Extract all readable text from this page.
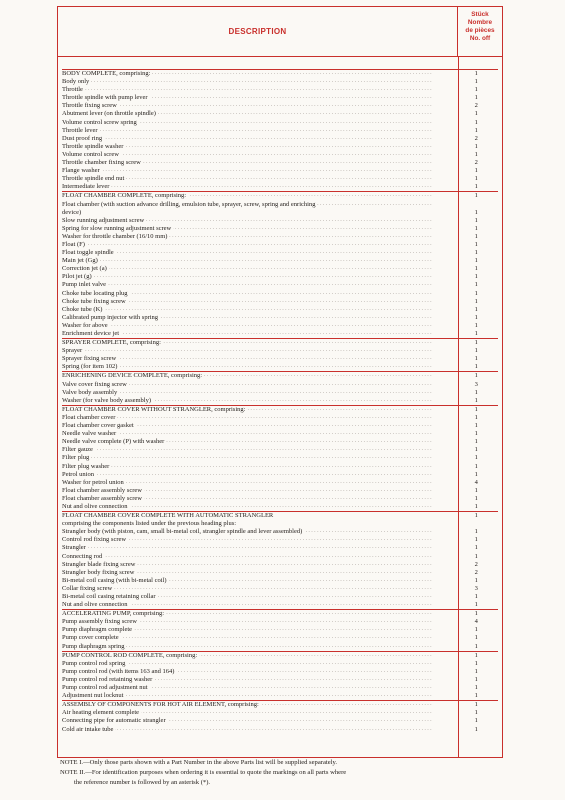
DESCRIPTION
Stück
Nombre
de pièces
No. off
BODY COMPLETE, comprising: . . .	1
Body only . . .	1
Throttle . . .	1
Throttle spindle with pump lever . . .	1
Throttle fixing screw . . .	2
Abutment lever (on throttle spindle) . . .	1
Volume control screw spring . . .	1
Throttle lever . . .	1
Dust proof ring . . .	2
Throttle spindle washer . . .	1
Volume control screw . . .	1
Throttle chamber fixing screw . . .	2
Flange washer . . .	1
Throttle spindle end nut . . .	1
Intermediate lever . . .	1
FLOAT CHAMBER COMPLETE, comprising: . . .	1
Float chamber (with suction advance drilling, emulsion tube, sprayer, screw, spring and enriching . . .
device)	1
Slow running adjustment screw . . .	1
Spring for slow running adjustment screw . . .	1
Washer for throttle chamber (16/10 mm) . . .	1
Float (F) . . .	1
Float toggle spindle . . .	1
Main jet (Gg) . . .	1
Correction jet (a) . . .	1
Pilot jet (g) . . .	1
Pump inlet valve . . .	1
Choke tube locating plug . . .	1
Choke tube fixing screw . . .	1
Choke tube (K) . . .	1
Calibrated pump injector with spring . . .	1
Washer for above . . .	1
Enrichment device jet . . .	1
SPRAYER COMPLETE, comprising: . . .	1
Sprayer . . .	1
Sprayer fixing screw . . .	1
Spring (for item 102) . . .	1
ENRICHENING DEVICE COMPLETE, comprising: . . .	1
Valve cover fixing screw . . .	3
Valve body assembly . . .	1
Washer (for valve body assembly) . . .	1
FLOAT CHAMBER COVER WITHOUT STRANGLER, comprising: . . .	1
Float chamber cover . . .	1
Float chamber cover gasket . . .	1
Needle valve washer . . .	1
Needle valve complete (P) with washer . . .	1
Filter gauze . . .	1
Filter plug . . .	1
Filter plug washer . . .	1
Petrol union . . .	1
Washer for petrol union . . .	4
Float chamber assembly screw . . .	1
Float chamber assembly screw . . .	1
Nut and olive connection . . .	1
FLOAT CHAMBER COVER COMPLETE WITH AUTOMATIC STRANGLER	1
comprising the components listed under the previous heading plus:
Strangler body (with piston, cam, small bi-metal coil, strangler spindle and lever assembled) . . .	1
Control rod fixing screw . . .	1
Strangler . . .	1
Connecting rod . . .	1
Strangler blade fixing screw . . .	2
Strangler body fixing screw . . .	2
Bi-metal coil casing (with bi-metal coil) . . .	1
Collar fixing screw . . .	3
Bi-metal coil casing retaining collar . . .	1
Nut and olive connection . . .	1
ACCELERATING PUMP, comprising: . . .	1
Pump assembly fixing screw . . .	4
Pump diaphragm complete . . .	1
Pump cover complete . . .	1
Pump diaphragm spring . . .	1
PUMP CONTROL ROD COMPLETE, comprising: . . .	1
Pump control rod spring . . .	1
Pump control rod (with items 163 and 164) . . .	1
Pump control rod retaining washer . . .	1
Pump control rod adjustment nut . . .	1
Adjustment nut locknut . . .	1
ASSEMBLY OF COMPONENTS FOR HOT AIR ELEMENT, comprising: . . .	1
Air heating element complete . . .	1
Connecting pipe for automatic strangler . . .	1
Cold air intake tube . . .	1
NOTE I.—Only those parts shown with a Part Number in the above Parts list will be supplied separately.
NOTE II.—For identification purposes when ordering it is essential to quote the markings on all parts where
the reference number is followed by an asterisk (*).
